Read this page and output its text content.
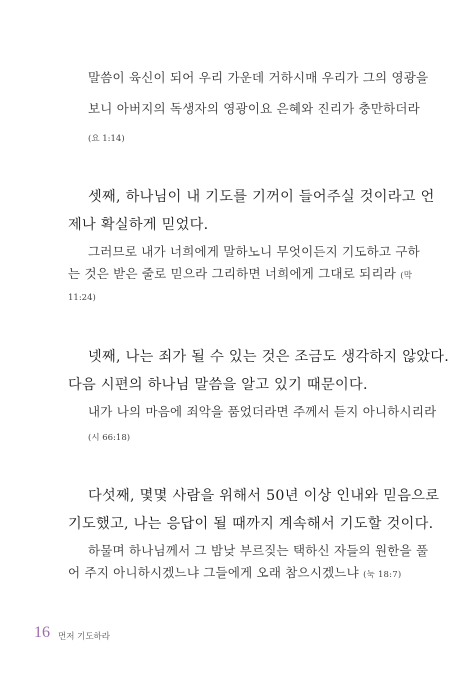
말씀이 육신이 되어 우리 가운데 거하시매 우리가 그의 영광을
보니 아버지의 독생자의 영광이요 은혜와 진리가 충만하더라
(요 1:14)
셋째, 하나님이 내 기도를 기꺼이 들어주실 것이라고 언
제나 확실하게 믿었다.
그러므로 내가 너희에게 말하노니 무엇이든지 기도하고 구하
는 것은 받은 줄로 믿으라 그리하면 너희에게 그대로 되리라 (막
11:24)
넷째, 나는 죄가 될 수 있는 것은 조금도 생각하지 않았다.
다음 시편의 하나님 말씀을 알고 있기 때문이다.
내가 나의 마음에 죄악을 품었더라면 주께서 듣지 아니하시리라
(시 66:18)
다섯째, 몇몇 사람을 위해서 50년 이상 인내와 믿음으로
기도했고, 나는 응답이 될 때까지 계속해서 기도할 것이다.
하물며 하나님께서 그 밤낮 부르짖는 택하신 자들의 원한을 풀
어 주지 아니하시겠느냐 그들에게 오래 참으시겠느냐 (눅 18:7)
16 먼저 기도하라
